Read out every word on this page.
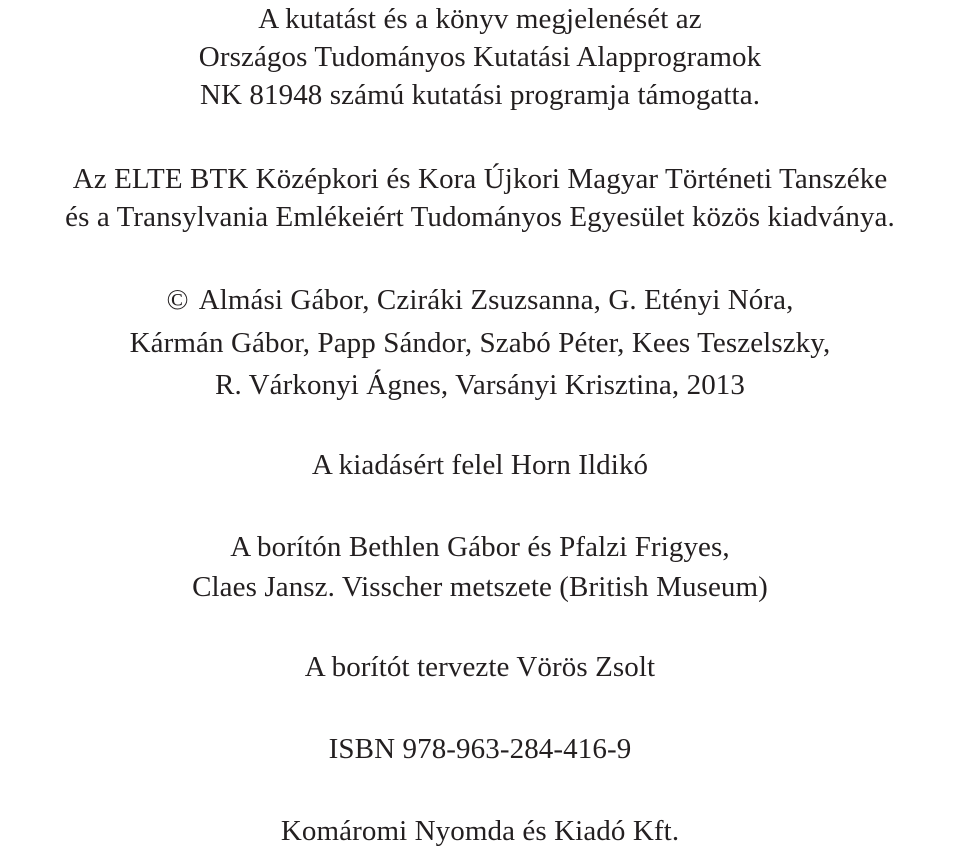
A kutatást és a könyv megjelenését az
Országos Tudományos Kutatási Alapprogramok
NK 81948 számú kutatási programja támogatta.
Az ELTE BTK Középkori és Kora Újkori Magyar Történeti Tanszéke
és a Transylvania Emlékeiért Tudományos Egyesület közös kiadványa.
© Almási Gábor, Cziráki Zsuzsanna, G. Etényi Nóra,
Kármán Gábor, Papp Sándor, Szabó Péter, Kees Teszelszky,
R. Várkonyi Ágnes, Varsányi Krisztina, 2013
A kiadásért felel Horn Ildikó
A borítón Bethlen Gábor és Pfalzi Frigyes,
Claes Jansz. Visscher metszete (British Museum)
A borítót tervezte Vörös Zsolt
ISBN 978-963-284-416-9
Komáromi Nyomda és Kiadó Kft.
